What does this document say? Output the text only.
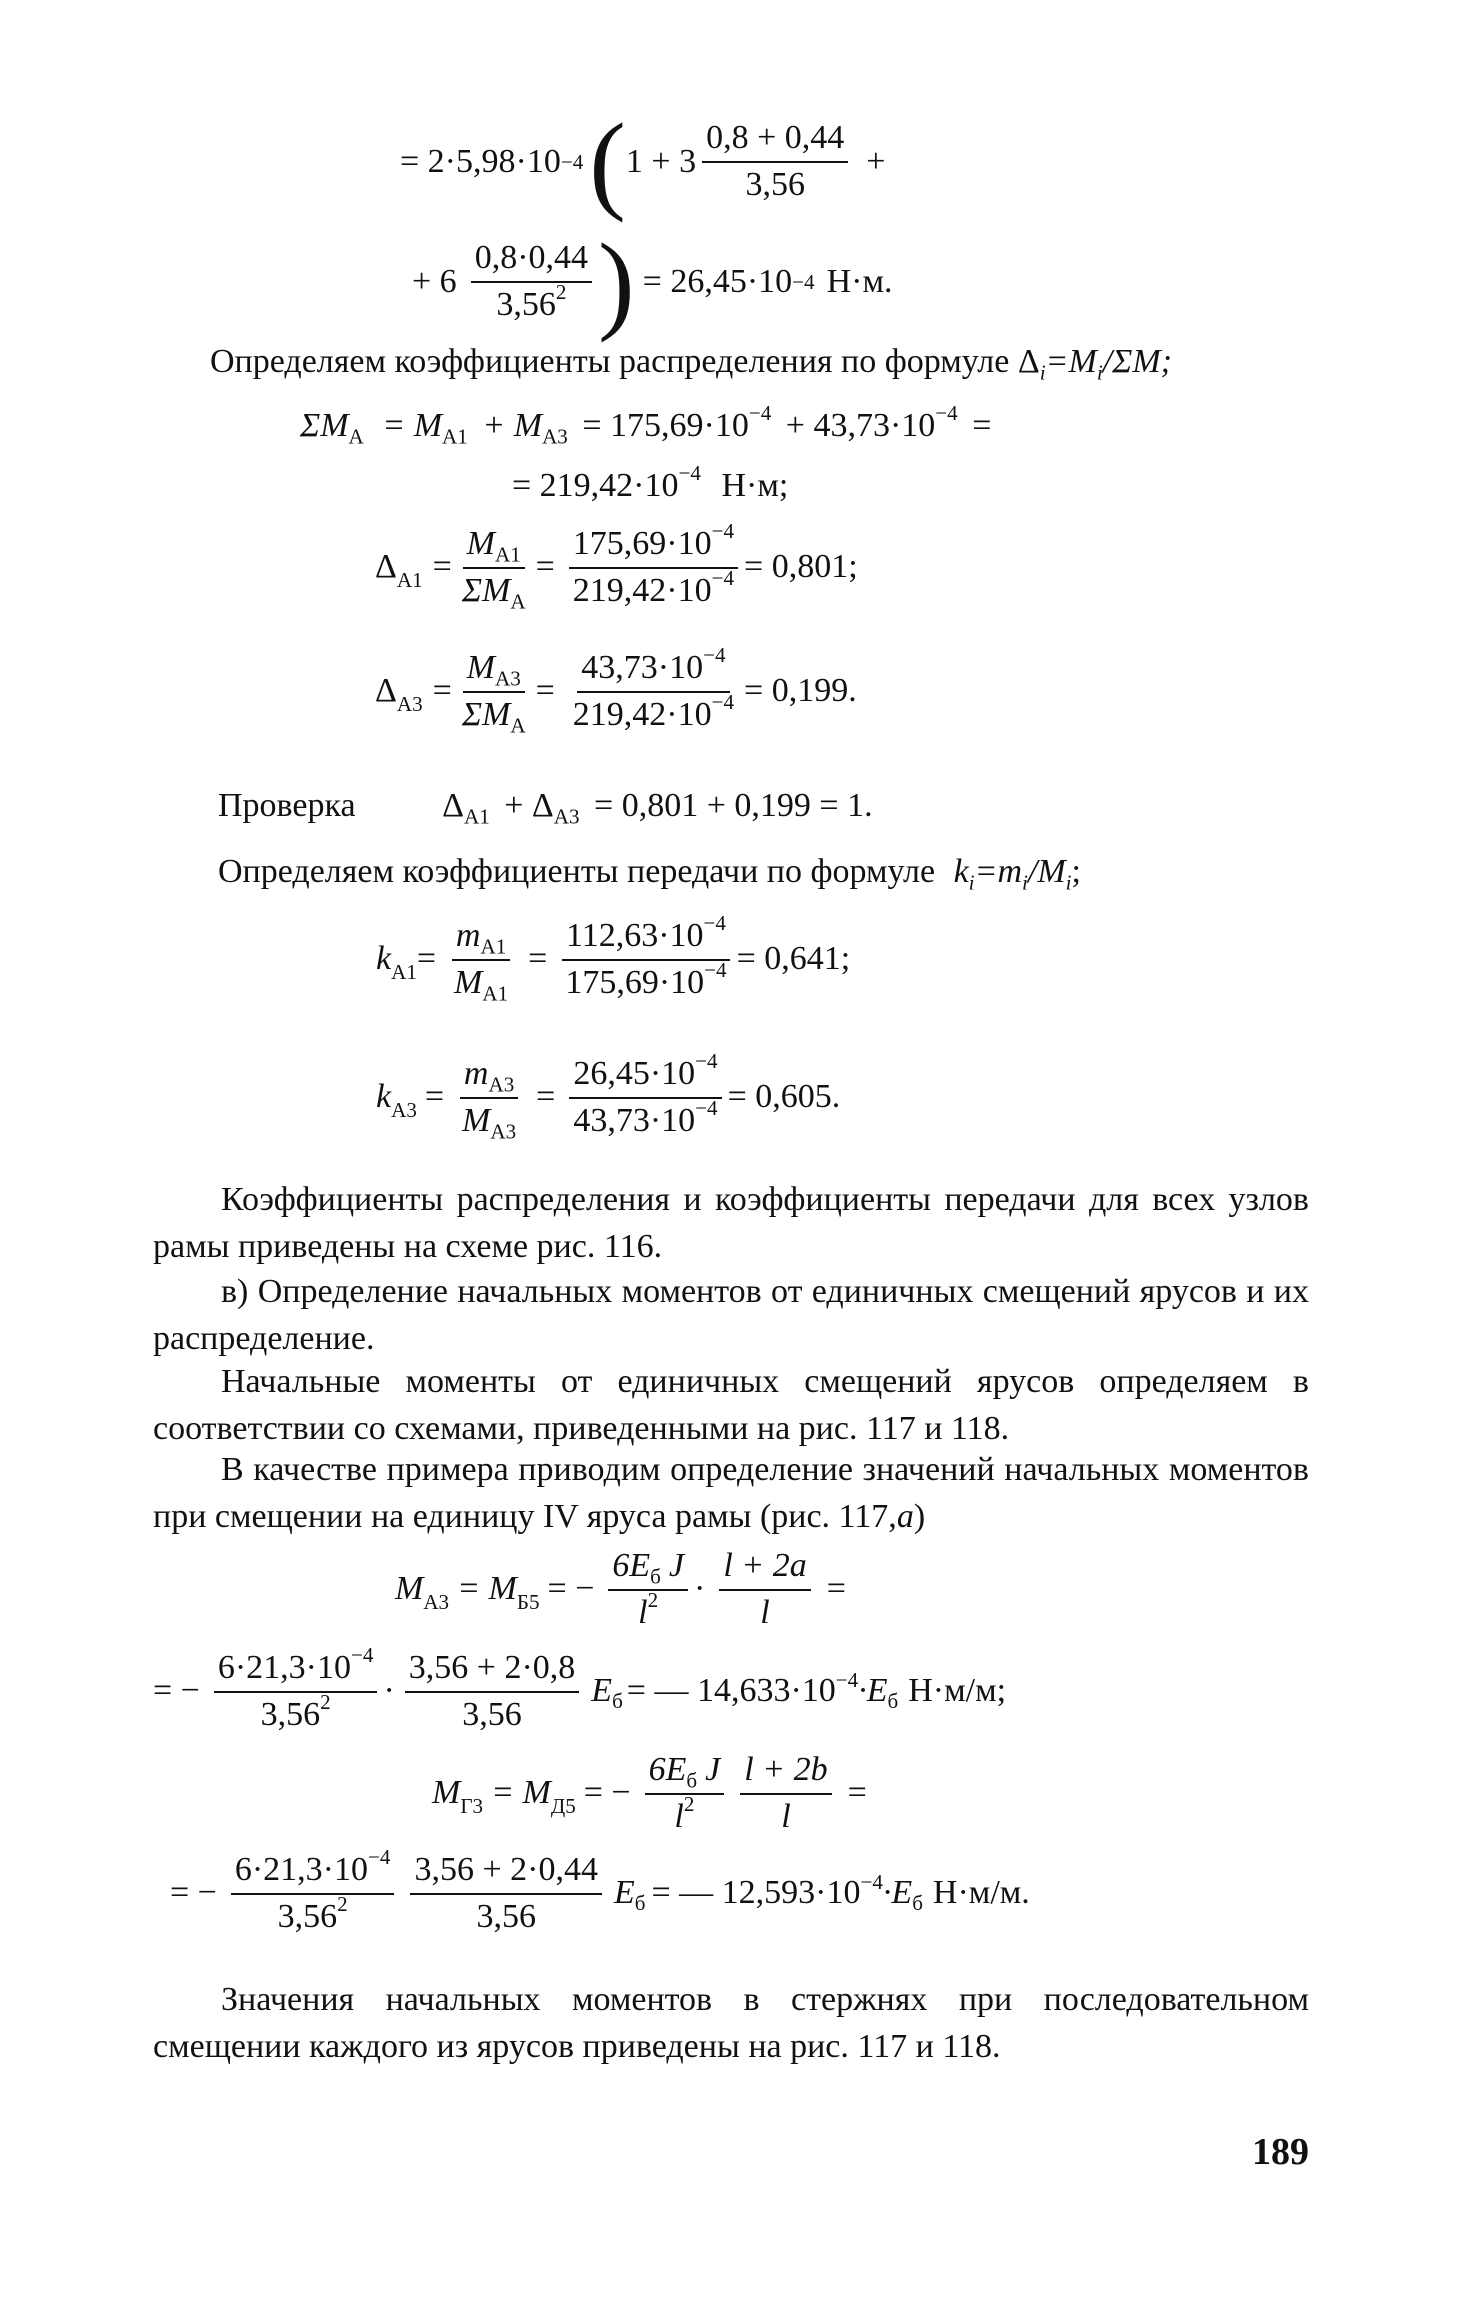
= 2·5,98·10 −4 ( $1 + 3 \frac{0,8 + 0,44}{3,56}$ +
+ $6 \frac{0,8\cdot 0,44}{3,56^2}$ ) = 26,45·10 −4 Н·м.
Определяем коэффициенты распределения по формуле $\Delta_i=M_i/\Sigma M$;
$\Sigma M_А = M_{А1} + M_{А3} = 175,69\cdot 10^{-4} + 43,73\cdot 10^{-4}$ =
= $219,42\cdot 10^{-4}$ Н·м;
Δ $А1 = \frac{M_{А1}}{\Sigma M_А} = \frac{175,69\cdot 10^{-4}}{219,42\cdot 10^{-4}} = 0,801$;
Δ $А3 = \frac{M_{А3}}{\Sigma M_А} = \frac{43,73\cdot 10^{-4}}{219,42\cdot 10^{-4}} = 0,199$.
Проверка	$\Delta_{А1} + \Delta_{А3} = 0,801 + 0,199 = 1$.
Определяем коэффициенты передачи по формуле $k_i=m_i/M_i$;
k $А1 = \frac{m_{А1}}{M_{А1}} = \frac{112,63\cdot 10^{-4}}{175,69\cdot 10^{-4}} = 0,641$;
k $А3 = \frac{m_{А3}}{M_{А3}} = \frac{26,45\cdot 10^{-4}}{43,73\cdot 10^{-4}} = 0,605$.
Коэффициенты распределения и коэффициенты передачи для всех узлов рамы приведены на схеме рис. 116.
в) Определение начальных моментов от единичных смещений ярусов и их распределение.
Начальные моменты от единичных смещений ярусов определяем в соответствии со схемами, приведенными на рис. 117 и 118.
В качестве примера приводим определение значений начальных моментов при смещении на единицу IV яруса рамы (рис. 117,а)
M А3 = M Б5 = − $\frac{6E_б J}{l^2} \cdot \frac{l + 2a}{l}$ =
= − $\frac{6\cdot 21,3\cdot 10^{-4}}{3,56^2} \cdot \frac{3,56 + 2\cdot 0,8}{3,56}$ E б = — 14,633·10 −4 ·E б Н·м/м;
M Г3 = M Д5 = − $\frac{6E_б J}{l^2} \frac{l + 2b}{l}$ =
= − $\frac{6\cdot 21,3\cdot 10^{-4}}{3,56^2} \frac{3,56 + 2\cdot 0,44}{3,56}$ E б = — 12,593·10 −4 ·E б Н·м/м.
Значения начальных моментов в стержнях при последовательном смещении каждого из ярусов приведены на рис. 117 и 118.
189
